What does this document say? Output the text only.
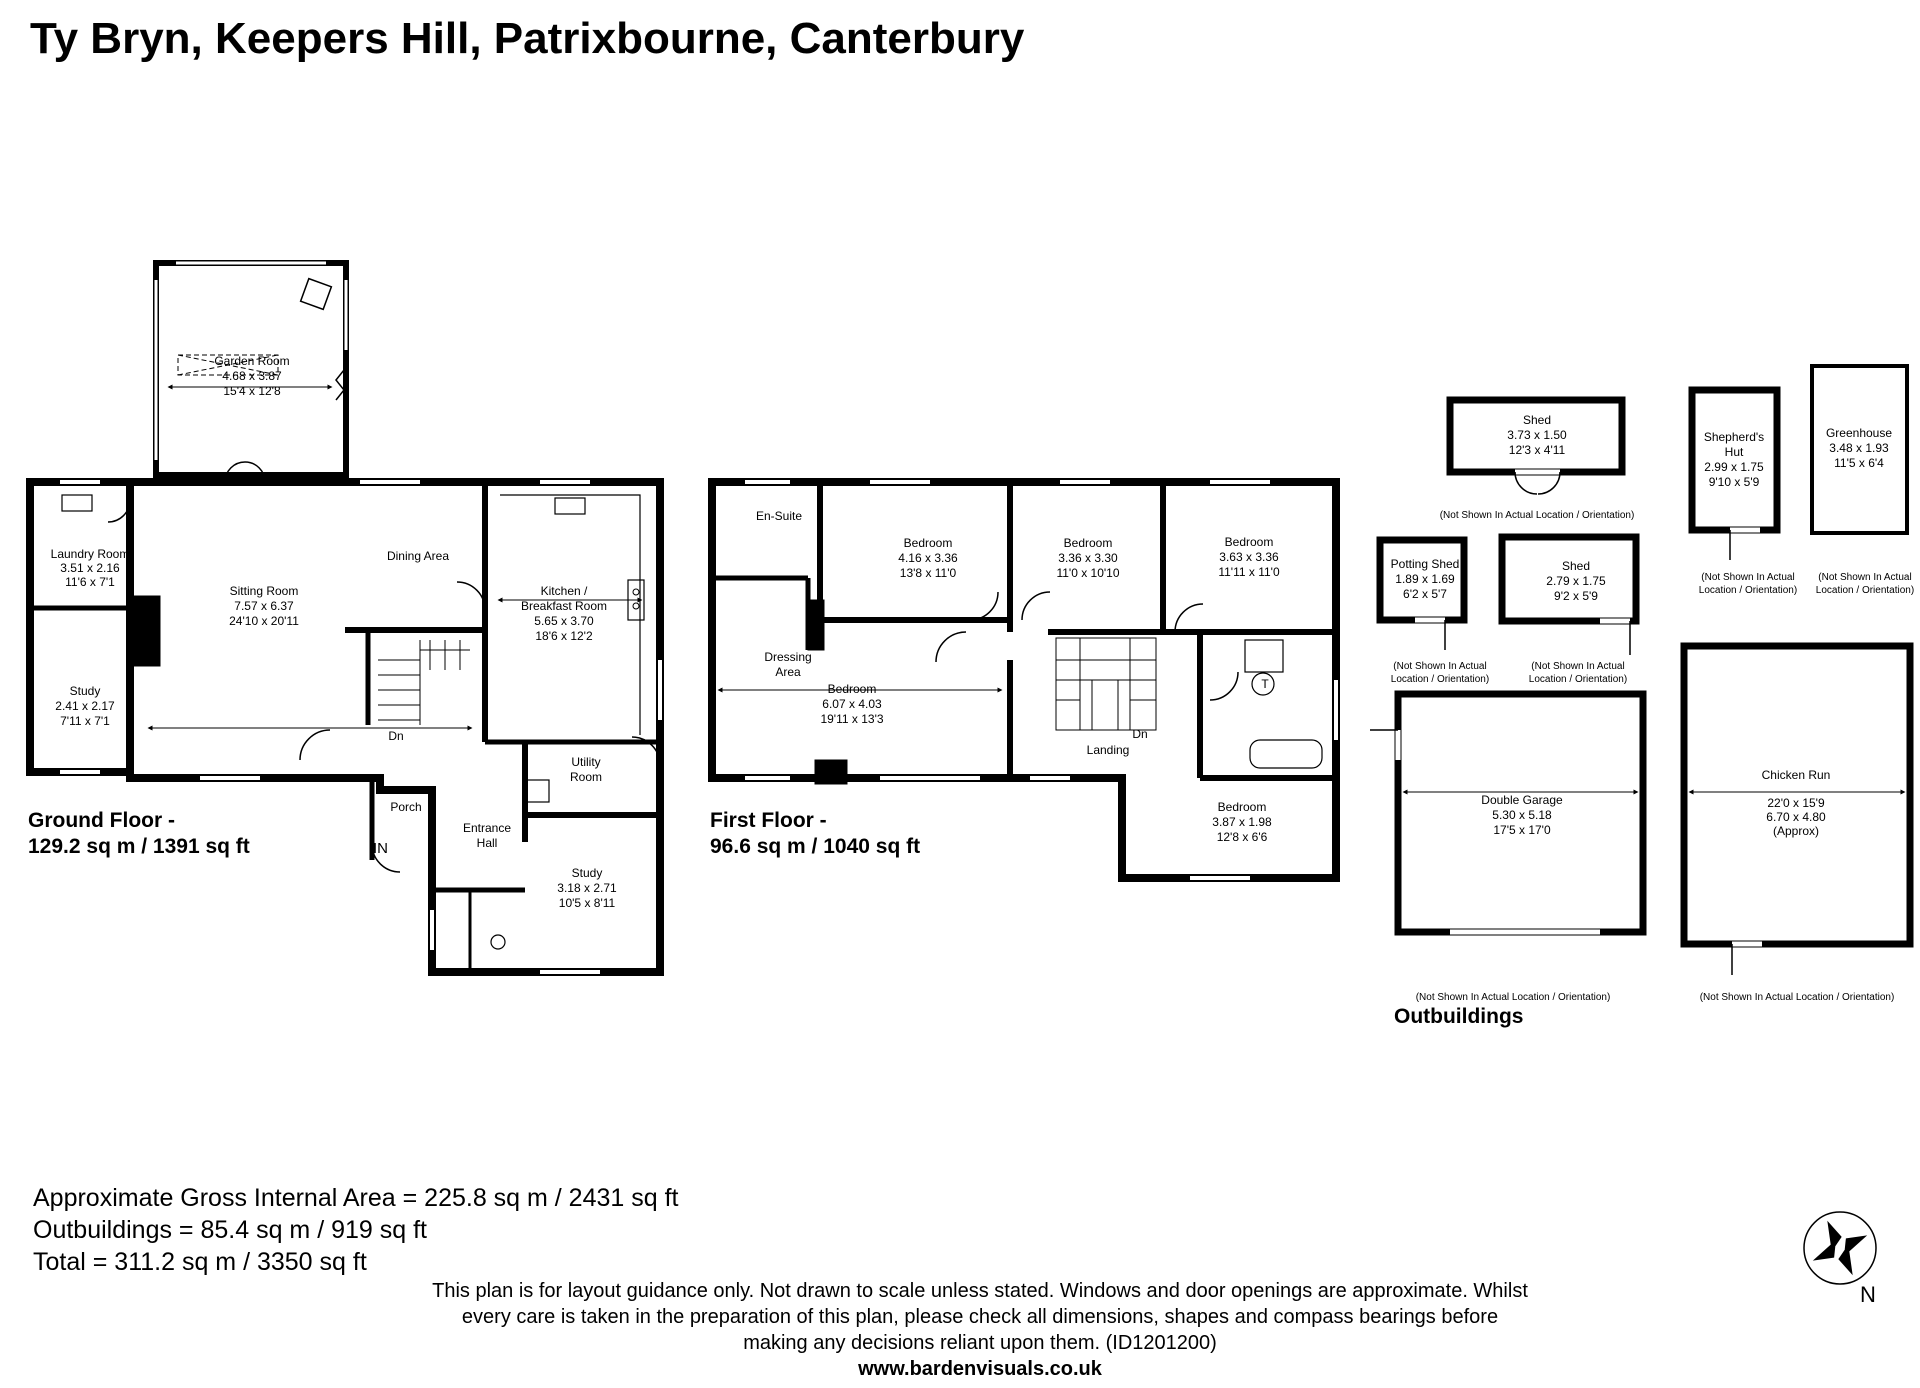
Garden Room
4.68 x 3.87
15'4 x 12'8
Laundry Room
3.51 x 2.16
11'6 x 7'1
Sitting Room
7.57 x 6.37
24'10 x 20'11
Dining Area
Kitchen /
Breakfast Room
5.65 x 3.70
18'6 x 12'2
Study
2.41 x 2.17
7'11 x 7'1
Utility
Room
Porch
Entrance
Hall
Study
3.18 x 2.71
10'5 x 8'11
Dn
IN
En-Suite
Bedroom
4.16 x 3.36
13'8 x 11'0
Bedroom
3.36 x 3.30
11'0 x 10'10
Bedroom
3.63 x 3.36
11'11 x 11'0
Dressing
Area
Bedroom
6.07 x 4.03
19'11 x 13'3
Landing
Bedroom
3.87 x 1.98
12'8 x 6'6
Dn
T
Shed
3.73 x 1.50
12'3 x 4'11
(Not Shown In Actual Location / Orientation)
Shepherd's
Hut
2.99 x 1.75
9'10 x 5'9
(Not Shown In Actual
Location / Orientation)
Greenhouse
3.48 x 1.93
11'5 x 6'4
(Not Shown In Actual
Location / Orientation)
Potting Shed
1.89 x 1.69
6'2 x 5'7
(Not Shown In Actual
Location / Orientation)
Shed
2.79 x 1.75
9'2 x 5'9
(Not Shown In Actual
Location / Orientation)
Double Garage
5.30 x 5.18
17'5 x 17'0
(Not Shown In Actual Location / Orientation)
Chicken Run
22'0 x 15'9
6.70 x 4.80
(Approx)
(Not Shown In Actual Location / Orientation)
N
Ty Bryn, Keepers Hill, Patrixbourne, Canterbury
Ground Floor -
129.2 sq m / 1391 sq ft
First Floor -
96.6 sq m / 1040 sq ft
Outbuildings
Approximate Gross Internal Area = 225.8 sq m / 2431 sq ft
Outbuildings = 85.4 sq m / 919 sq ft
Total = 311.2 sq m / 3350 sq ft
This plan is for layout guidance only. Not drawn to scale unless stated. Windows and door openings are approximate. Whilst every care is taken in the preparation of this plan, please check all dimensions, shapes and compass bearings before making any decisions reliant upon them. (ID1201200)
www.bardenvisuals.co.uk
